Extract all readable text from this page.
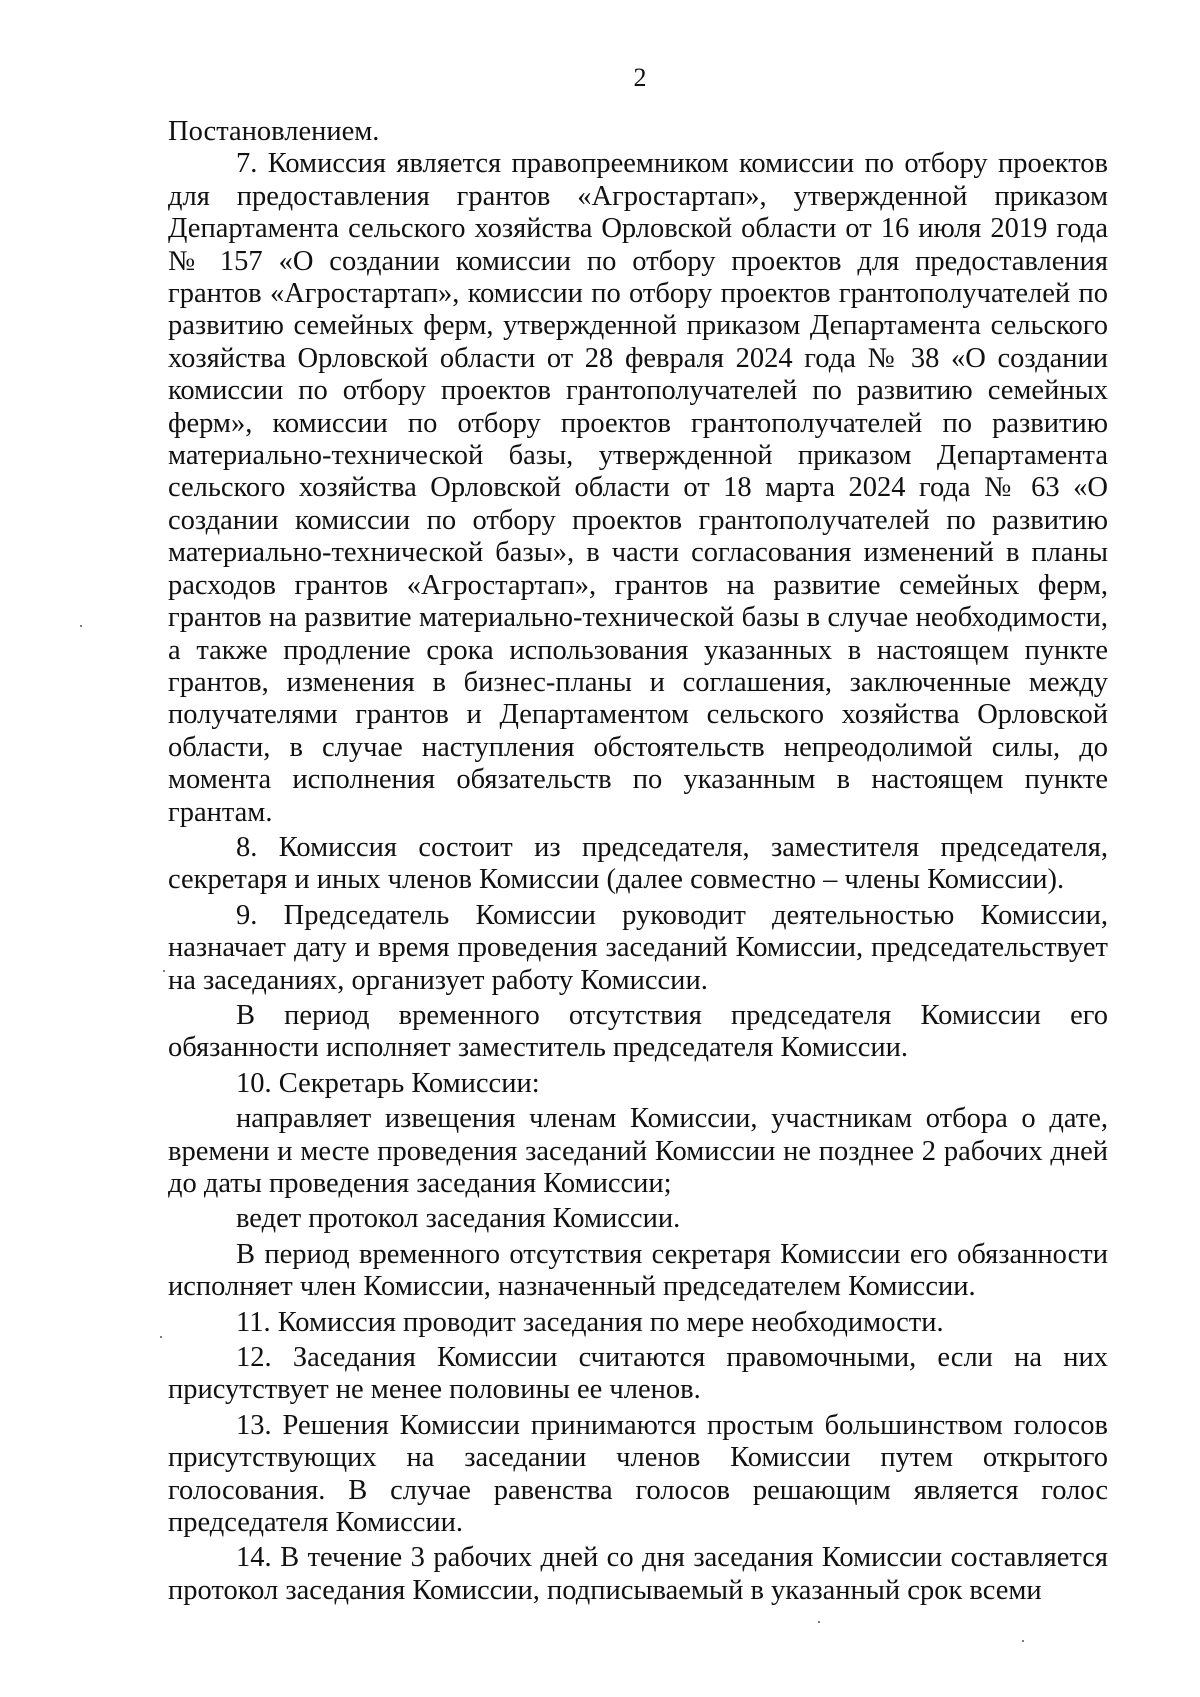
2

Постановлением.

7. Комиссия является правопреемником комиссии по отбору проектов для предоставления грантов «Агростартап», утвержденной приказом Департамента сельского хозяйства Орловской области от 16 июля 2019 года № 157 «О создании комиссии по отбору проектов для предоставления грантов «Агростартап», комиссии по отбору проектов грантополучателей по развитию семейных ферм, утвержденной приказом Департамента сельского хозяйства Орловской области от 28 февраля 2024 года № 38 «О создании комиссии по отбору проектов грантополучателей по развитию семейных ферм», комиссии по отбору проектов грантополучателей по развитию материально-технической базы, утвержденной приказом Департамента сельского хозяйства Орловской области от 18 марта 2024 года № 63 «О создании комиссии по отбору проектов грантополучателей по развитию материально-технической базы», в части согласования изменений в планы расходов грантов «Агростартап», грантов на развитие семейных ферм, грантов на развитие материально-технической базы в случае необходимости, а также продление срока использования указанных в настоящем пункте грантов, изменения в бизнес-планы и соглашения, заключенные между получателями грантов и Департаментом сельского хозяйства Орловской области, в случае наступления обстоятельств непреодолимой силы, до момента исполнения обязательств по указанным в настоящем пункте грантам.

8. Комиссия состоит из председателя, заместителя председателя, секретаря и иных членов Комиссии (далее совместно – члены Комиссии).

9. Председатель Комиссии руководит деятельностью Комиссии, назначает дату и время проведения заседаний Комиссии, председательствует на заседаниях, организует работу Комиссии.

В период временного отсутствия председателя Комиссии его обязанности исполняет заместитель председателя Комиссии.

10. Секретарь Комиссии:

направляет извещения членам Комиссии, участникам отбора о дате, времени и месте проведения заседаний Комиссии не позднее 2 рабочих дней до даты проведения заседания Комиссии;

ведет протокол заседания Комиссии.

В период временного отсутствия секретаря Комиссии его обязанности исполняет член Комиссии, назначенный председателем Комиссии.

11. Комиссия проводит заседания по мере необходимости.

12. Заседания Комиссии считаются правомочными, если на них присутствует не менее половины ее членов.

13. Решения Комиссии принимаются простым большинством голосов присутствующих на заседании членов Комиссии путем открытого голосования. В случае равенства голосов решающим является голос председателя Комиссии.

14. В течение 3 рабочих дней со дня заседания Комиссии составляется протокол заседания Комиссии, подписываемый в указанный срок всеми
